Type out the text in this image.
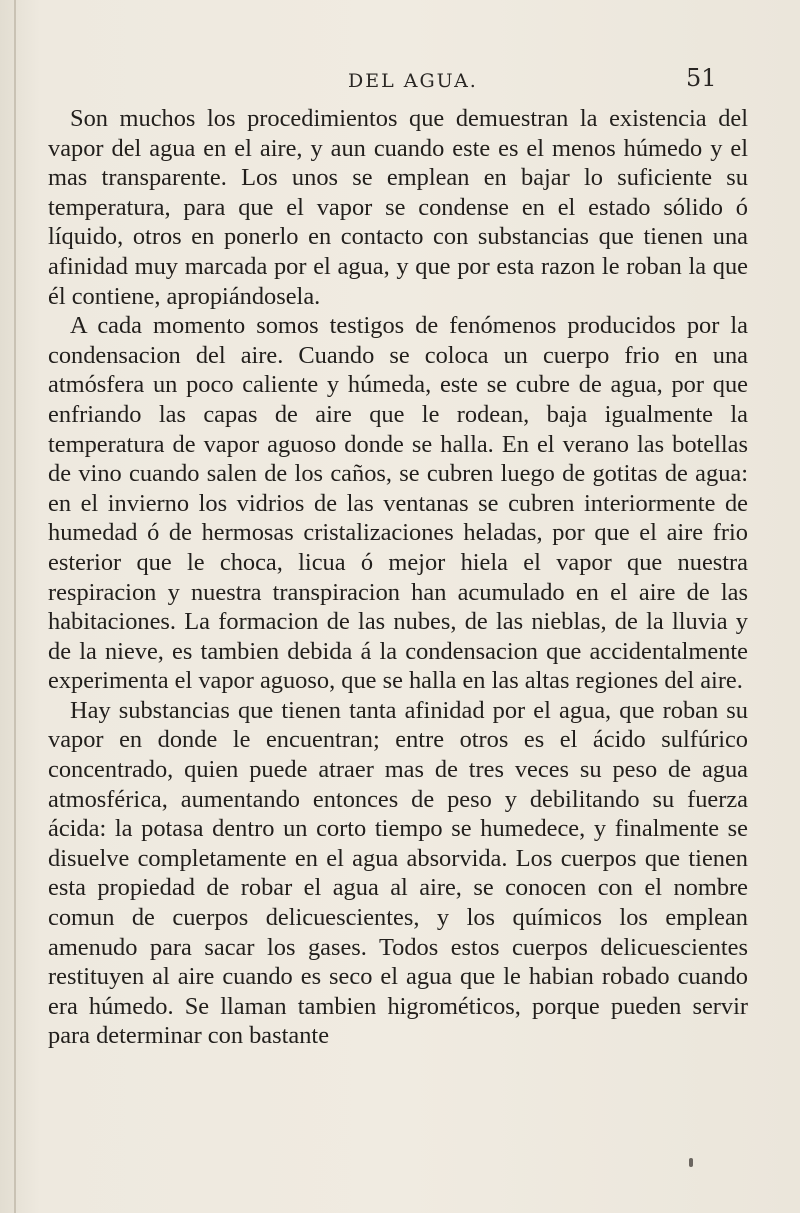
DEL AGUA.	51

Son muchos los procedimientos que demuestran la existencia del vapor del agua en el aire, y aun cuando este es el menos húmedo y el mas transparente. Los unos se emplean en bajar lo suficiente su temperatura, para que el vapor se condense en el estado sólido ó líquido, otros en ponerlo en contacto con substancias que tienen una afinidad muy marcada por el agua, y que por esta razon le roban la que él contiene, apropiándosela.

A cada momento somos testigos de fenómenos producidos por la condensacion del aire. Cuando se coloca un cuerpo frio en una atmósfera un poco caliente y húmeda, este se cubre de agua, por que enfriando las capas de aire que le rodean, baja igualmente la temperatura de vapor aguoso donde se halla. En el verano las botellas de vino cuando salen de los caños, se cubren luego de gotitas de agua: en el invierno los vidrios de las ventanas se cubren interiormente de humedad ó de hermosas cristalizaciones heladas, por que el aire frio esterior que le choca, licua ó mejor hiela el vapor que nuestra respiracion y nuestra transpiracion han acumulado en el aire de las habitaciones. La formacion de las nubes, de las nieblas, de la lluvia y de la nieve, es tambien debida á la condensacion que accidentalmente experimenta el vapor aguoso, que se halla en las altas regiones del aire.

Hay substancias que tienen tanta afinidad por el agua, que roban su vapor en donde le encuentran; entre otros es el ácido sulfúrico concentrado, quien puede atraer mas de tres veces su peso de agua atmosférica, aumentando entonces de peso y debilitando su fuerza ácida: la potasa dentro un corto tiempo se humedece, y finalmente se disuelve completamente en el agua absorvida. Los cuerpos que tienen esta propiedad de robar el agua al aire, se conocen con el nombre comun de cuerpos delicuescientes, y los químicos los emplean amenudo para sacar los gases. Todos estos cuerpos delicuescientes restituyen al aire cuando es seco el agua que le habian robado cuando era húmedo. Se llaman tambien higrométicos, porque pueden servir para determinar con bastante
